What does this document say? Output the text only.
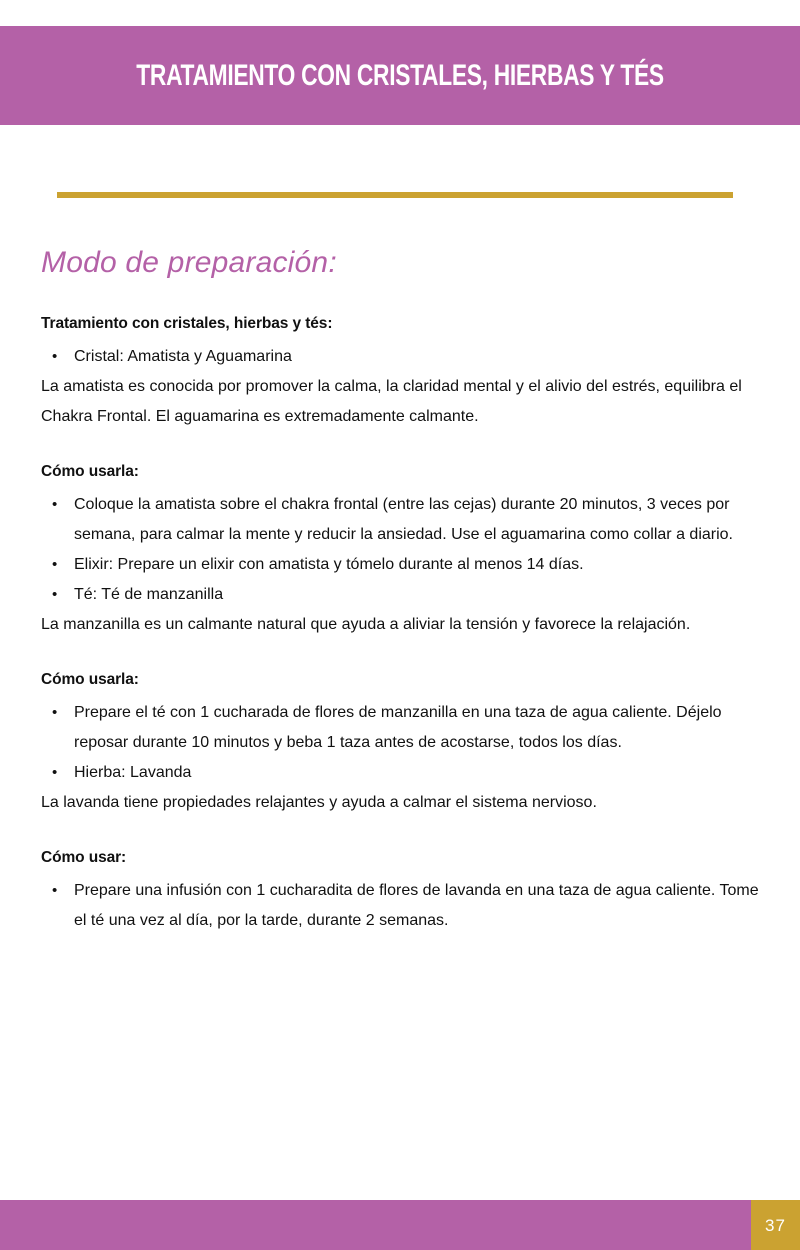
TRATAMIENTO CON CRISTALES, HIERBAS Y TÉS
Modo de preparación:
Tratamiento con cristales, hierbas y tés:
• Cristal: Amatista y Aguamarina

La amatista es conocida por promover la calma, la claridad mental y el alivio del estrés, equilibra el Chakra Frontal. El aguamarina es extremadamente calmante.

Cómo usarla:
• Coloque la amatista sobre el chakra frontal (entre las cejas) durante 20 minutos, 3 veces por semana, para calmar la mente y reducir la ansiedad. Use el aguamarina como collar a diario.
• Elixir: Prepare un elixir con amatista y tómelo durante al menos 14 días.
• Té: Té de manzanilla

La manzanilla es un calmante natural que ayuda a aliviar la tensión y favorece la relajación.

Cómo usarla:
• Prepare el té con 1 cucharada de flores de manzanilla en una taza de agua caliente. Déjelo reposar durante 10 minutos y beba 1 taza antes de acostarse, todos los días.
• Hierba: Lavanda

La lavanda tiene propiedades relajantes y ayuda a calmar el sistema nervioso.

Cómo usar:
• Prepare una infusión con 1 cucharadita de flores de lavanda en una taza de agua caliente. Tome el té una vez al día, por la tarde, durante 2 semanas.
37
